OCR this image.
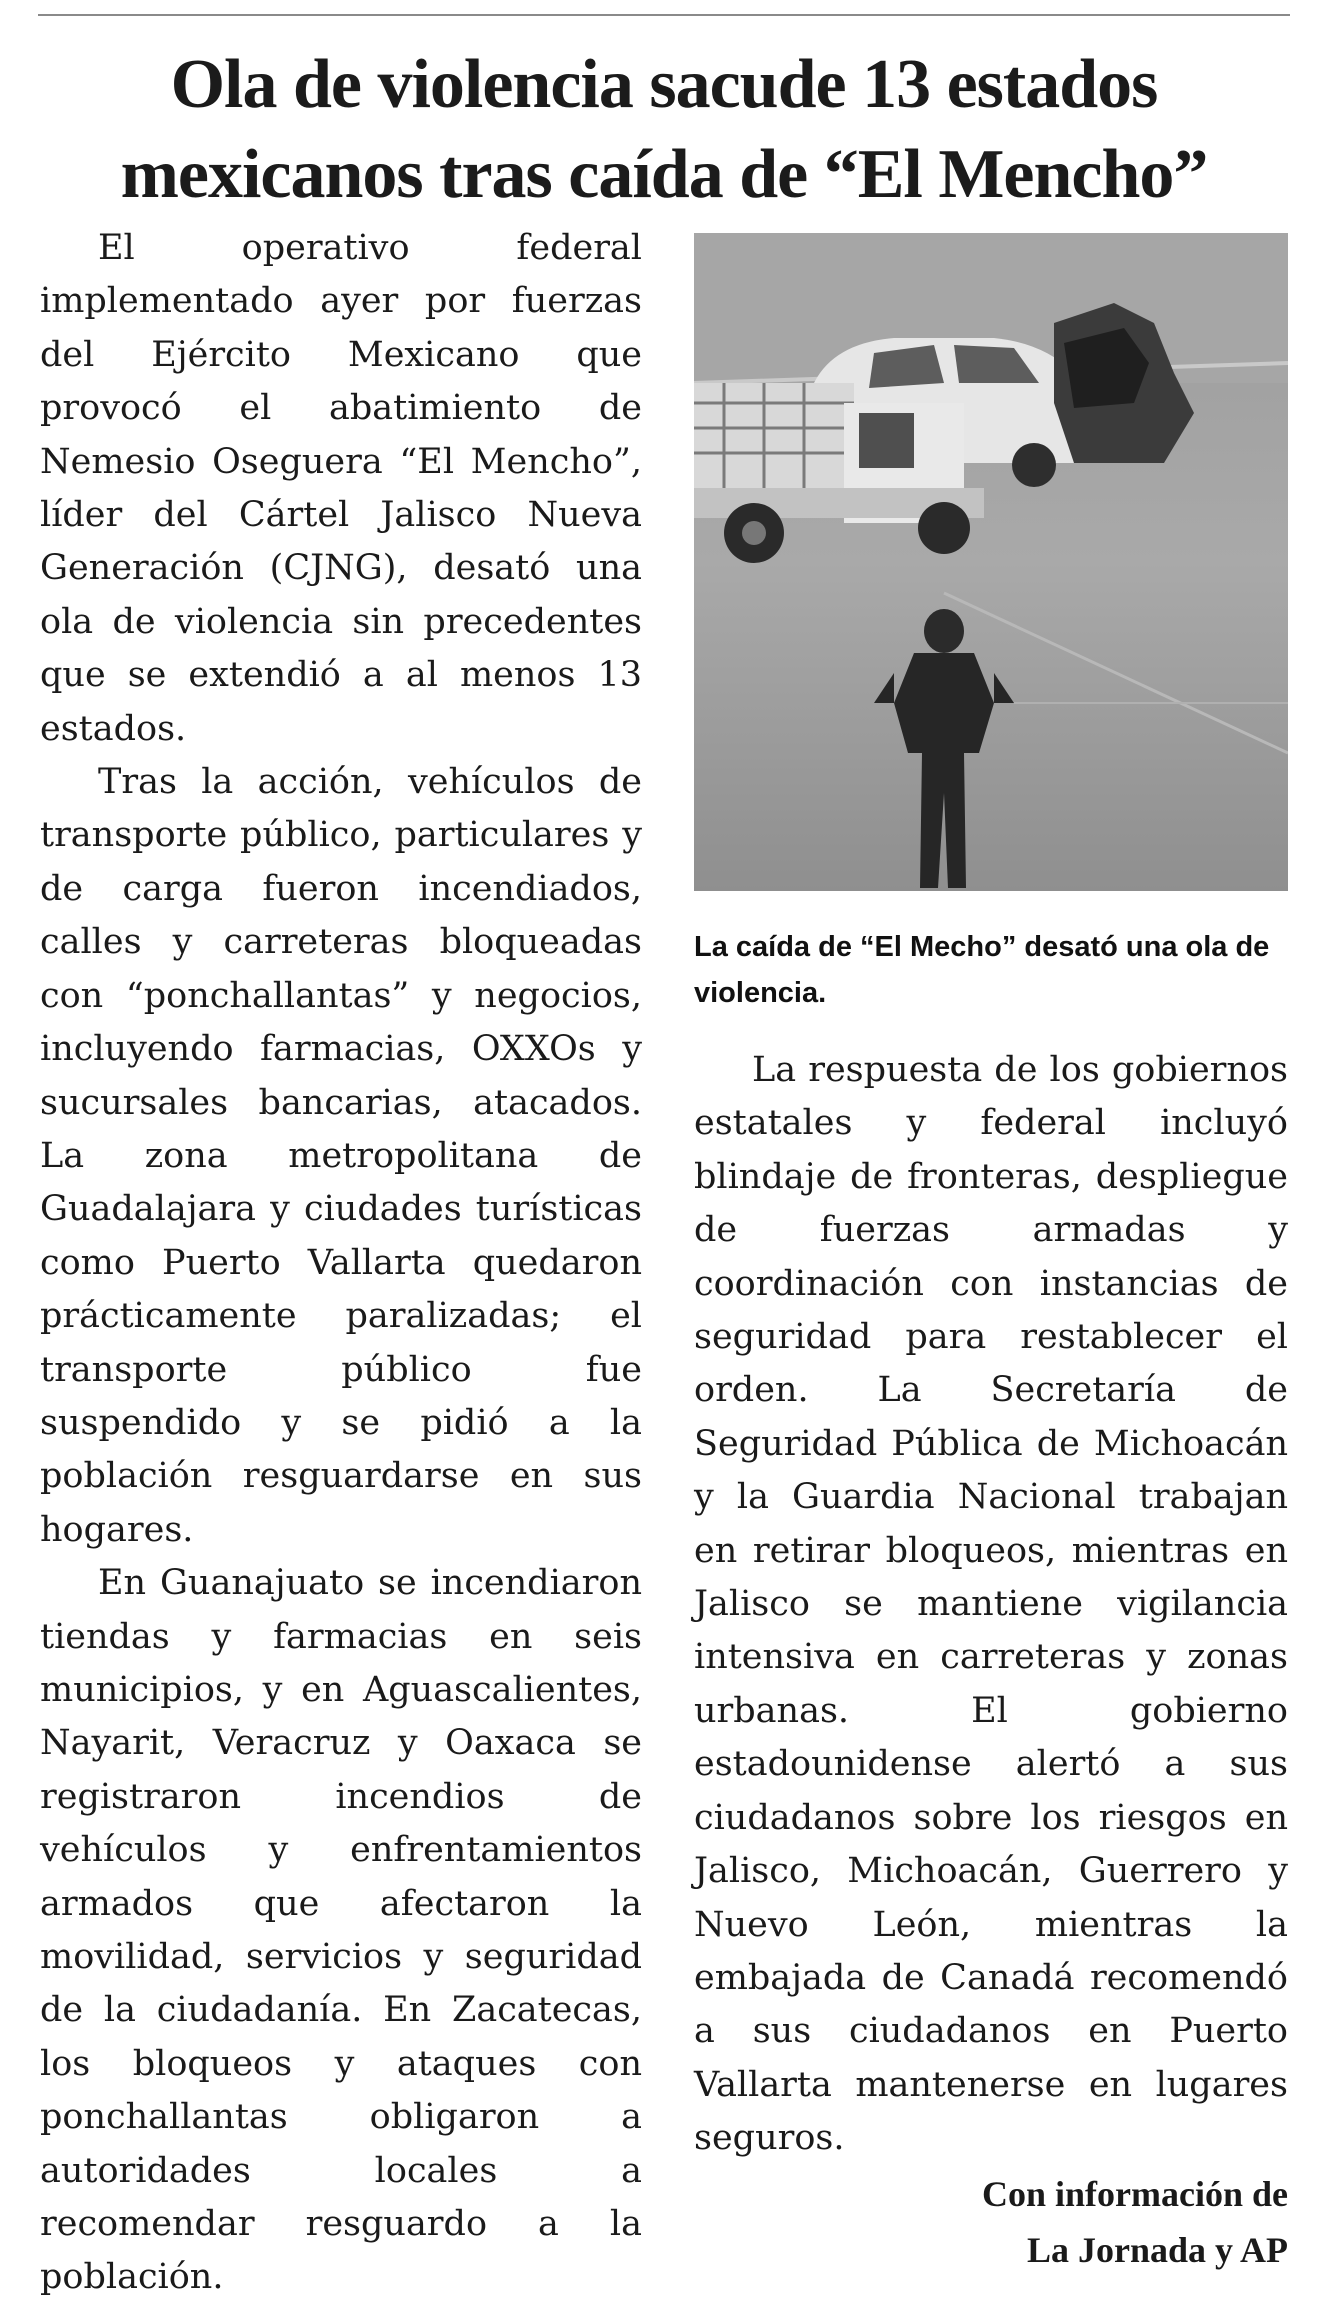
Ola de violencia sacude 13 estados
mexicanos tras caída de “El Mencho”

El operativo federal implementado ayer por fuerzas del Ejército Mexicano que provocó el abatimiento de Nemesio Oseguera “El Mencho”, líder del Cártel Jalisco Nueva Generación (CJNG), desató una ola de violencia sin precedentes que se extendió a al menos 13 estados.

Tras la acción, vehículos de transporte público, particulares y de carga fueron incendiados, calles y carreteras bloqueadas con “ponchallantas” y negocios, incluyendo farmacias, OXXOs y sucursales bancarias, atacados. La zona metropolitana de Guadalajara y ciudades turísticas como Puerto Vallarta quedaron prácticamente paralizadas; el transporte público fue suspendido y se pidió a la población resguardarse en sus hogares.

En Guanajuato se incendiaron tiendas y farmacias en seis municipios, y en Aguascalientes, Nayarit, Veracruz y Oaxaca se registraron incendios de vehículos y enfrentamientos armados que afectaron la movilidad, servicios y seguridad de la ciudadanía. En Zacatecas, los bloqueos y ataques con ponchallantas obligaron a autoridades locales a recomendar resguardo a la población.

La caída de “El Mecho” desató una ola de violencia.

La respuesta de los gobiernos estatales y federal incluyó blindaje de fronteras, despliegue de fuerzas armadas y coordinación con instancias de seguridad para restablecer el orden. La Secretaría de Seguridad Pública de Michoacán y la Guardia Nacional trabajan en retirar bloqueos, mientras en Jalisco se mantiene vigilancia intensiva en carreteras y zonas urbanas. El gobierno estadounidense alertó a sus ciudadanos sobre los riesgos en Jalisco, Michoacán, Guerrero y Nuevo León, mientras la embajada de Canadá recomendó a sus ciudadanos en Puerto Vallarta mantenerse en lugares seguros.

Con información de
La Jornada y AP
